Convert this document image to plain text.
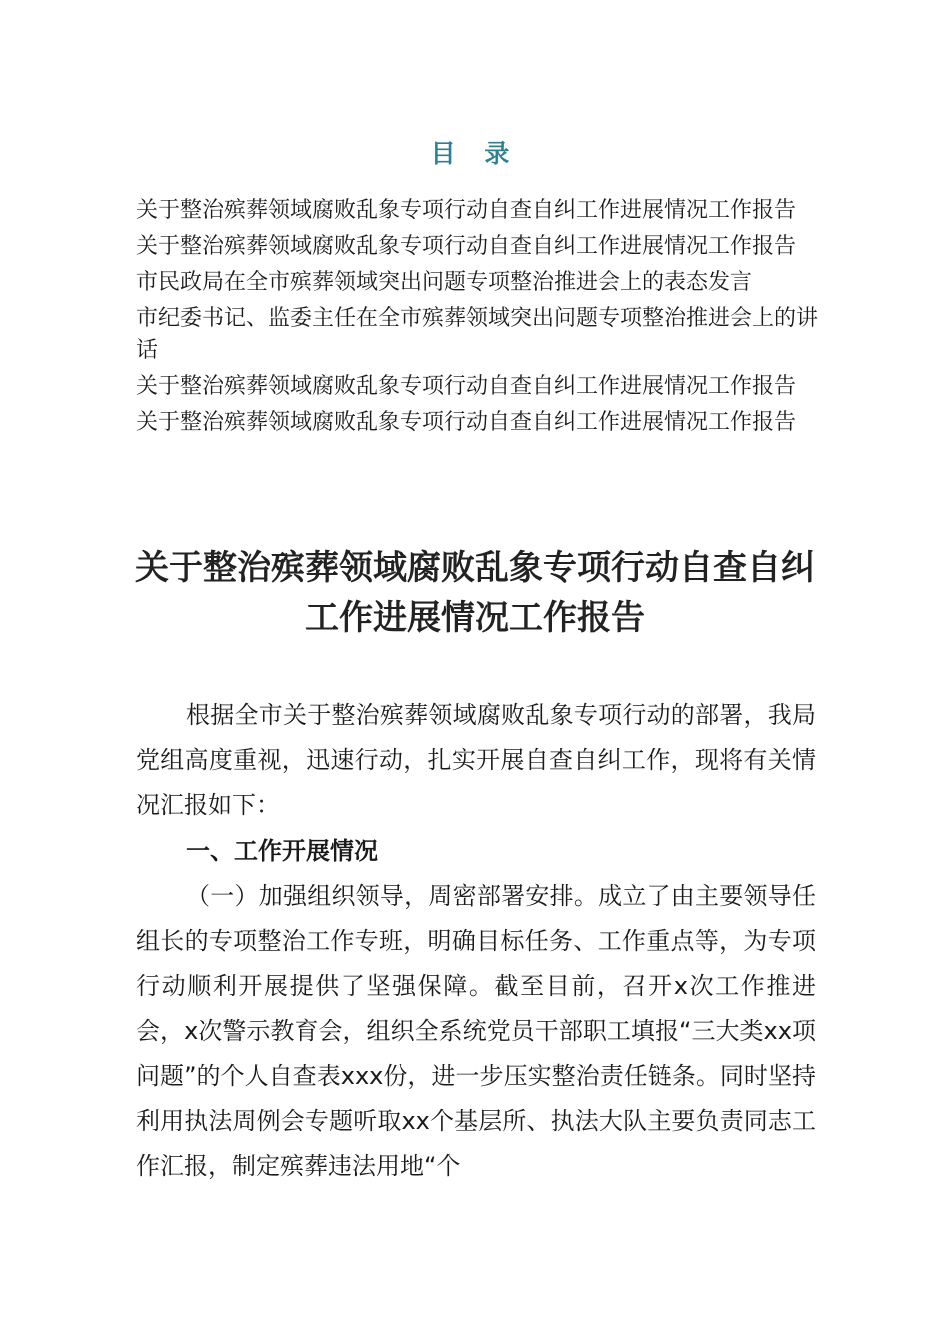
目 录
关于整治殡葬领域腐败乱象专项行动自查自纠工作进展情况工作报告
关于整治殡葬领域腐败乱象专项行动自查自纠工作进展情况工作报告
市民政局在全市殡葬领域突出问题专项整治推进会上的表态发言
市纪委书记、监委主任在全市殡葬领域突出问题专项整治推进会上的讲话
关于整治殡葬领域腐败乱象专项行动自查自纠工作进展情况工作报告
关于整治殡葬领域腐败乱象专项行动自查自纠工作进展情况工作报告
关于整治殡葬领域腐败乱象专项行动自查自纠工作进展情况工作报告

根据全市关于整治殡葬领域腐败乱象专项行动的部署，我局党组高度重视，迅速行动，扎实开展自查自纠工作，现将有关情况汇报如下：

一、工作开展情况

（一）加强组织领导，周密部署安排。成立了由主要领导任组长的专项整治工作专班，明确目标任务、工作重点等，为专项行动顺利开展提供了坚强保障。截至目前，召开x次工作推进会，x次警示教育会，组织全系统党员干部职工填报“三大类xx项问题”的个人自查表xxx份，进一步压实整治责任链条。同时坚持利用执法周例会专题听取xx个基层所、执法大队主要负责同志工作汇报，制定殡葬违法用地“个
